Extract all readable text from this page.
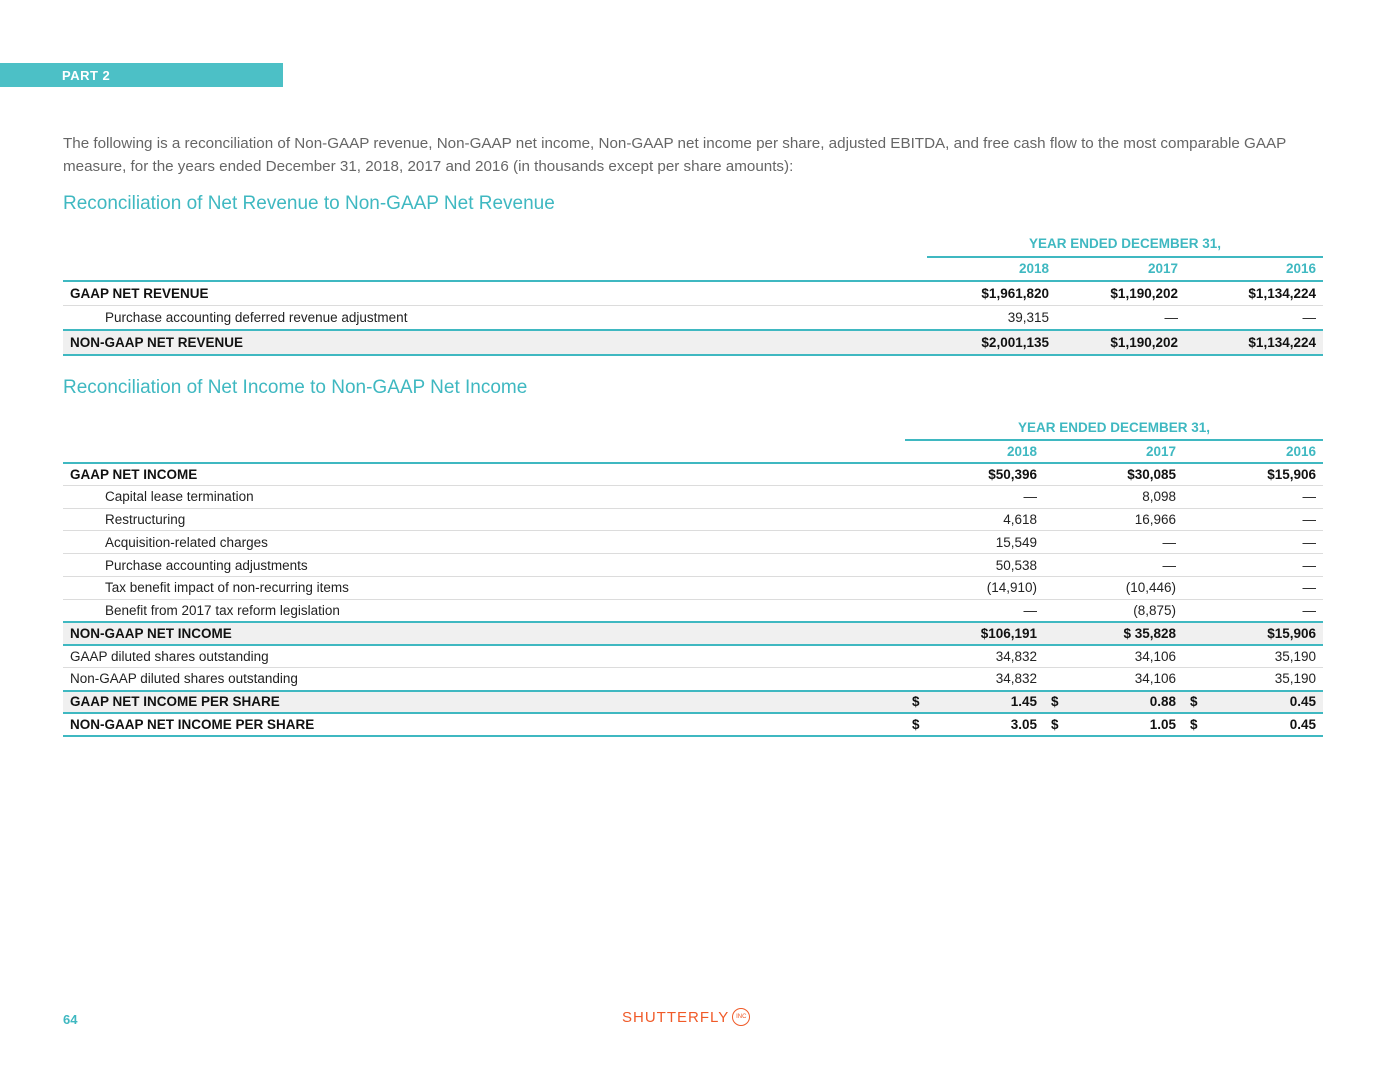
PART 2
The following is a reconciliation of Non-GAAP revenue, Non-GAAP net income, Non-GAAP net income per share, adjusted EBITDA, and free cash flow to the most comparable GAAP measure, for the years ended December 31, 2018, 2017 and 2016 (in thousands except per share amounts):
Reconciliation of Net Revenue to Non-GAAP Net Revenue
	YEAR ENDED DECEMBER 31,		
	2018	2017	2016
GAAP NET REVENUE	$1,961,820	$1,190,202	$1,134,224
Purchase accounting deferred revenue adjustment	39,315	—	—
NON-GAAP NET REVENUE	$2,001,135	$1,190,202	$1,134,224
Reconciliation of Net Income to Non-GAAP Net Income
	YEAR ENDED DECEMBER 31,		
	2018	2017	2016
GAAP NET INCOME	$50,396	$30,085	$15,906
Capital lease termination	—	8,098	—
Restructuring	4,618	16,966	—
Acquisition-related charges	15,549	—	—
Purchase accounting adjustments	50,538	—	—
Tax benefit impact of non-recurring items	(14,910)	(10,446)	—
Benefit from 2017 tax reform legislation	—	(8,875)	—
NON-GAAP NET INCOME	$106,191	$ 35,828	$15,906
GAAP diluted shares outstanding	34,832	34,106	35,190
Non-GAAP diluted shares outstanding	34,832	34,106	35,190
GAAP NET INCOME PER SHARE	$ 1.45	$ 0.88	$ 0.45

NON-GAAP NET INCOME PER SHARE	$ 3.05	$ 1.05	$ 0.45
64	SHUTTERFLY	INC
